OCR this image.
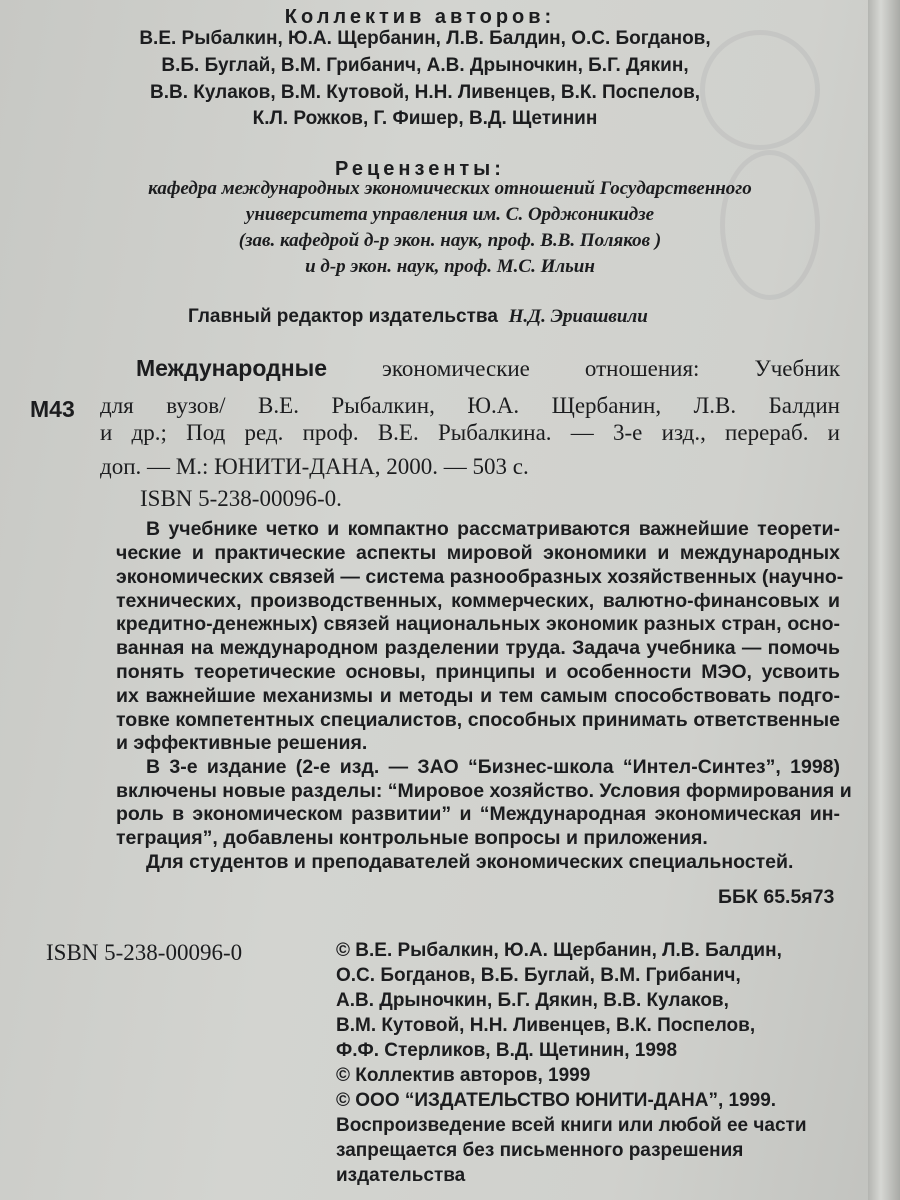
Коллектив авторов:
В.Е. Рыбалкин, Ю.А. Щербанин, Л.В. Балдин, О.С. Богданов,
В.Б. Буглай, В.М. Грибанич, А.В. Дрыночкин, Б.Г. Дякин,
В.В. Кулаков, В.М. Кутовой, Н.Н. Ливенцев, В.К. Поспелов,
К.Л. Рожков, Г. Фишер, В.Д. Щетинин
Рецензенты:
кафедра международных экономических отношений Государственного
университета управления им. С. Орджоникидзе
(зав. кафедрой д-р экон. наук, проф. В.В. Поляков )
и д-р экон. наук, проф. М.С. Ильин
Главный редактор издательства Н.Д. Эриашвили
М43
Международные экономические отношения: Учебник
для вузов/ В.Е. Рыбалкин, Ю.А. Щербанин, Л.В. Балдин
и др.; Под ред. проф. В.Е. Рыбалкина. — 3-е изд., перераб. и
доп. — М.: ЮНИТИ-ДАНА, 2000. — 503 с.
ISBN 5-238-00096-0.
В учебнике четко и компактно рассматриваются важнейшие теорети-
ческие и практические аспекты мировой экономики и международных
экономических связей — система разнообразных хозяйственных (научно-
технических, производственных, коммерческих, валютно-финансовых и
кредитно-денежных) связей национальных экономик разных стран, осно-
ванная на международном разделении труда. Задача учебника — помочь
понять теоретические основы, принципы и особенности МЭО, усвоить
их важнейшие механизмы и методы и тем самым способствовать подго-
товке компетентных специалистов, способных принимать ответственные
и эффективные решения.
В 3-е издание (2-е изд. — ЗАО “Бизнес-школа “Интел-Синтез”, 1998)
включены новые разделы: “Мировое хозяйство. Условия формирования и
роль в экономическом развитии” и “Международная экономическая ин-
теграция”, добавлены контрольные вопросы и приложения.
Для студентов и преподавателей экономических специальностей.
ББК 65.5я73
ISBN 5-238-00096-0	© В.Е. Рыбалкин, Ю.А. Щербанин, Л.В. Балдин,
О.С. Богданов, В.Б. Буглай, В.М. Грибанич,
А.В. Дрыночкин, Б.Г. Дякин, В.В. Кулаков,
В.М. Кутовой, Н.Н. Ливенцев, В.К. Поспелов,
Ф.Ф. Стерликов, В.Д. Щетинин, 1998
© Коллектив авторов, 1999
© ООО “ИЗДАТЕЛЬСТВО ЮНИТИ-ДАНА”, 1999.
Воспроизведение всей книги или любой ее части
запрещается без письменного разрешения
издательства
